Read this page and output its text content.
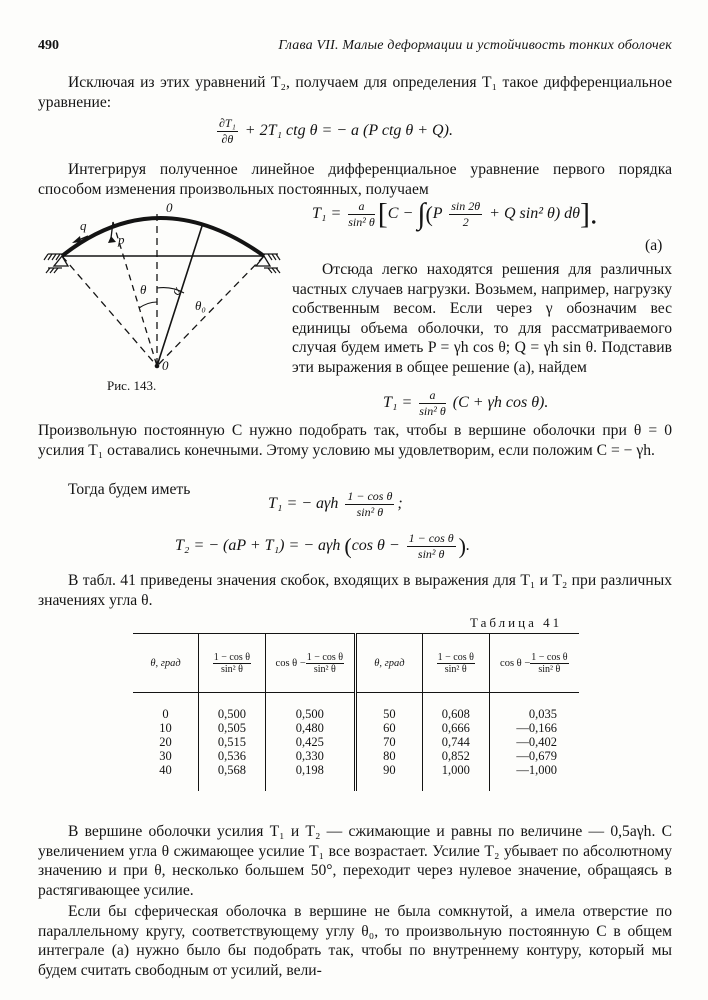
490	Глава VII. Малые деформации и устойчивость тонких оболочек

Исключая из этих уравнений T₂, получаем для определения T₁ такое дифференциальное уравнение:

$\frac{\text{∂T₁}}{\partial\theta} + 2T_1$ ctg θ = − a (P ctg θ + Q).

Интегрируя полученное линейное дифференциальное уравнение первого порядка способом изменения произвольных постоянных, получаем

q
p
0
θ α
θ₀
0
Рис. 143.
$T_1 = \frac{a}{\text{sin² θ}} [C - \int(P \frac{\sin 2\theta}{2} + Q$ sin² θ) dθ].
(a)

Отсюда легко находятся решения для различных частных случаев нагрузки. Возьмем, например, нагрузку собственным весом. Если через γ обозначим вес единицы объема оболочки, то для рассматриваемого случая будем иметь P = γh cos θ; Q = γh sin θ. Подставив эти выражения в общее решение (а), найдем

$T_1 = \frac{a}{\text{sin² θ}} (C + \gamma h$ cos θ).

Произвольную постоянную C нужно подобрать так, чтобы в вершине оболочки при θ = 0 усилия T₁ оставались конечными. Этому условию мы удовлетворим, если положим C = − γh.

Тогда будем иметь

T₁ = − aγh $\frac{\text{1 − cos θ}}{\text{sin² θ}}$ ;
T₂ = − (aP + T₁) = − aγh (cos $\theta - \frac{\text{1 − cos θ}}{\text{sin² θ}}$ ).

В табл. 41 приведены значения скобок, входящих в выражения для T₁ и T₂ при различных значениях угла θ.

Таблица 41
θ, град	$\frac{\text{1 − cos θ}}{\text{sin² θ}}$	$\cos \theta - \frac{\text{1 − cos θ}}{\text{sin² θ}}$	θ, град	$\frac{\text{1 − cos θ}}{\text{sin² θ}}$	$\cos \theta - \frac{\text{1 − cos θ}}{\text{sin² θ}}$

0	0,500	0,500	50	0,608	0,035
10	0,505	0,480	60	0,666	—0,166
20	0,515	0,425	70	0,744	—0,402
30	0,536	0,330	80	0,852	—0,679
40	0,568	0,198	90	1,000	—1,000

В вершине оболочки усилия T₁ и T₂ — сжимающие и равны по величине — 0,5aγh. С увеличением угла θ сжимающее усилие T₁ все возрастает. Усилие T₂ убывает по абсолютному значению и при θ, несколько большем 50°, переходит через нулевое значение, обращаясь в растягивающее усилие.

Если бы сферическая оболочка в вершине не была сомкнутой, а имела отверстие по параллельному кругу, соответствующему углу θ₀, то произвольную постоянную C в общем интеграле (а) нужно было бы подобрать так, чтобы по внутреннему контуру, который мы будем считать свободным от усилий, вели-
